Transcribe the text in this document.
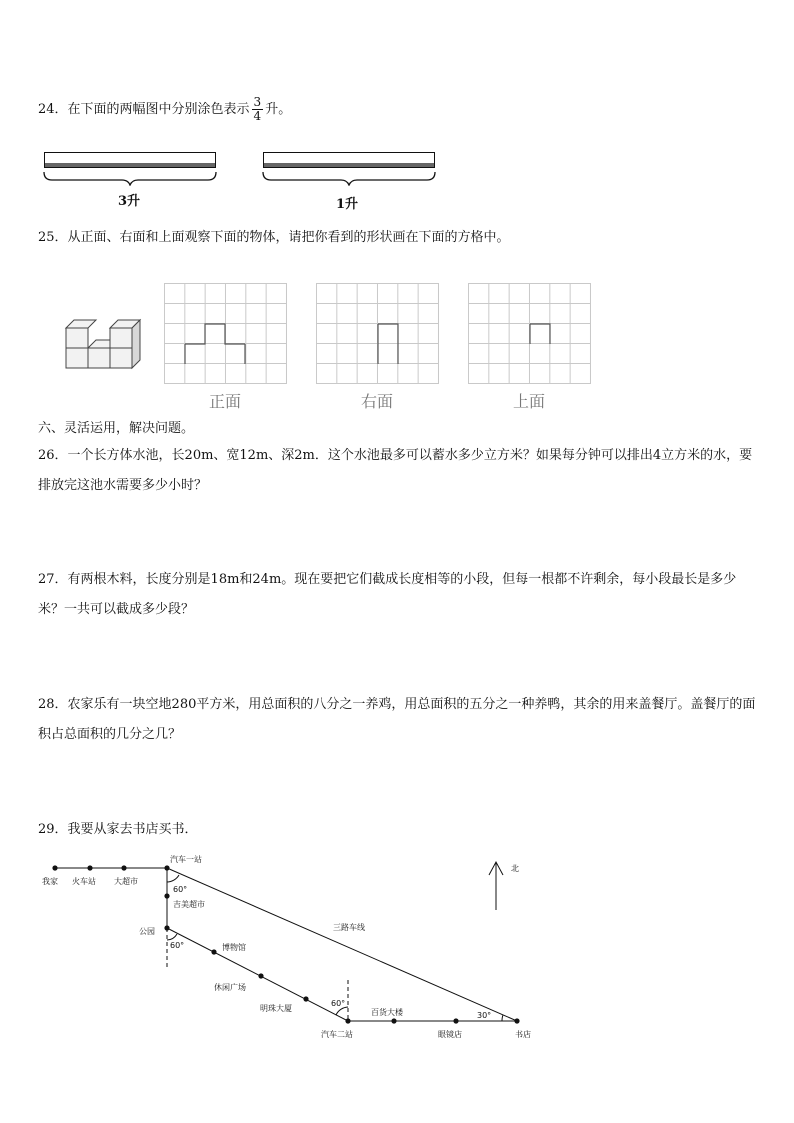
24．在下面的两幅图中分别涂色表示 $\frac{3}{4}$ 升。
3升	1升
25．从正面、右面和上面观察下面的物体，请把你看到的形状画在下面的方格中。
正面	右面	上面
六、灵活运用，解决问题。
26．一个长方体水池，长20m、宽12m、深2m．这个水池最多可以蓄水多少立方米？如果每分钟可以排出4立方米的水，要排放完这池水需要多少小时？
27．有两根木料，长度分别是18m和24m。现在要把它们截成长度相等的小段，但每一根都不许剩余，每小段最长是多少米？一共可以截成多少段？
28．农家乐有一块空地280平方米，用总面积的八分之一养鸡，用总面积的五分之一种养鸭，其余的用来盖餐厅。盖餐厅的面积占总面积的几分之几？
29．我要从家去书店买书．
我家 火车站 大超市
汽车一站
60°
吉美超市
公园
60°	博物馆
休闲广场
明珠大厦
60°
汽车二站
百货大楼
眼镜店	书店
30°
三路车线
北
